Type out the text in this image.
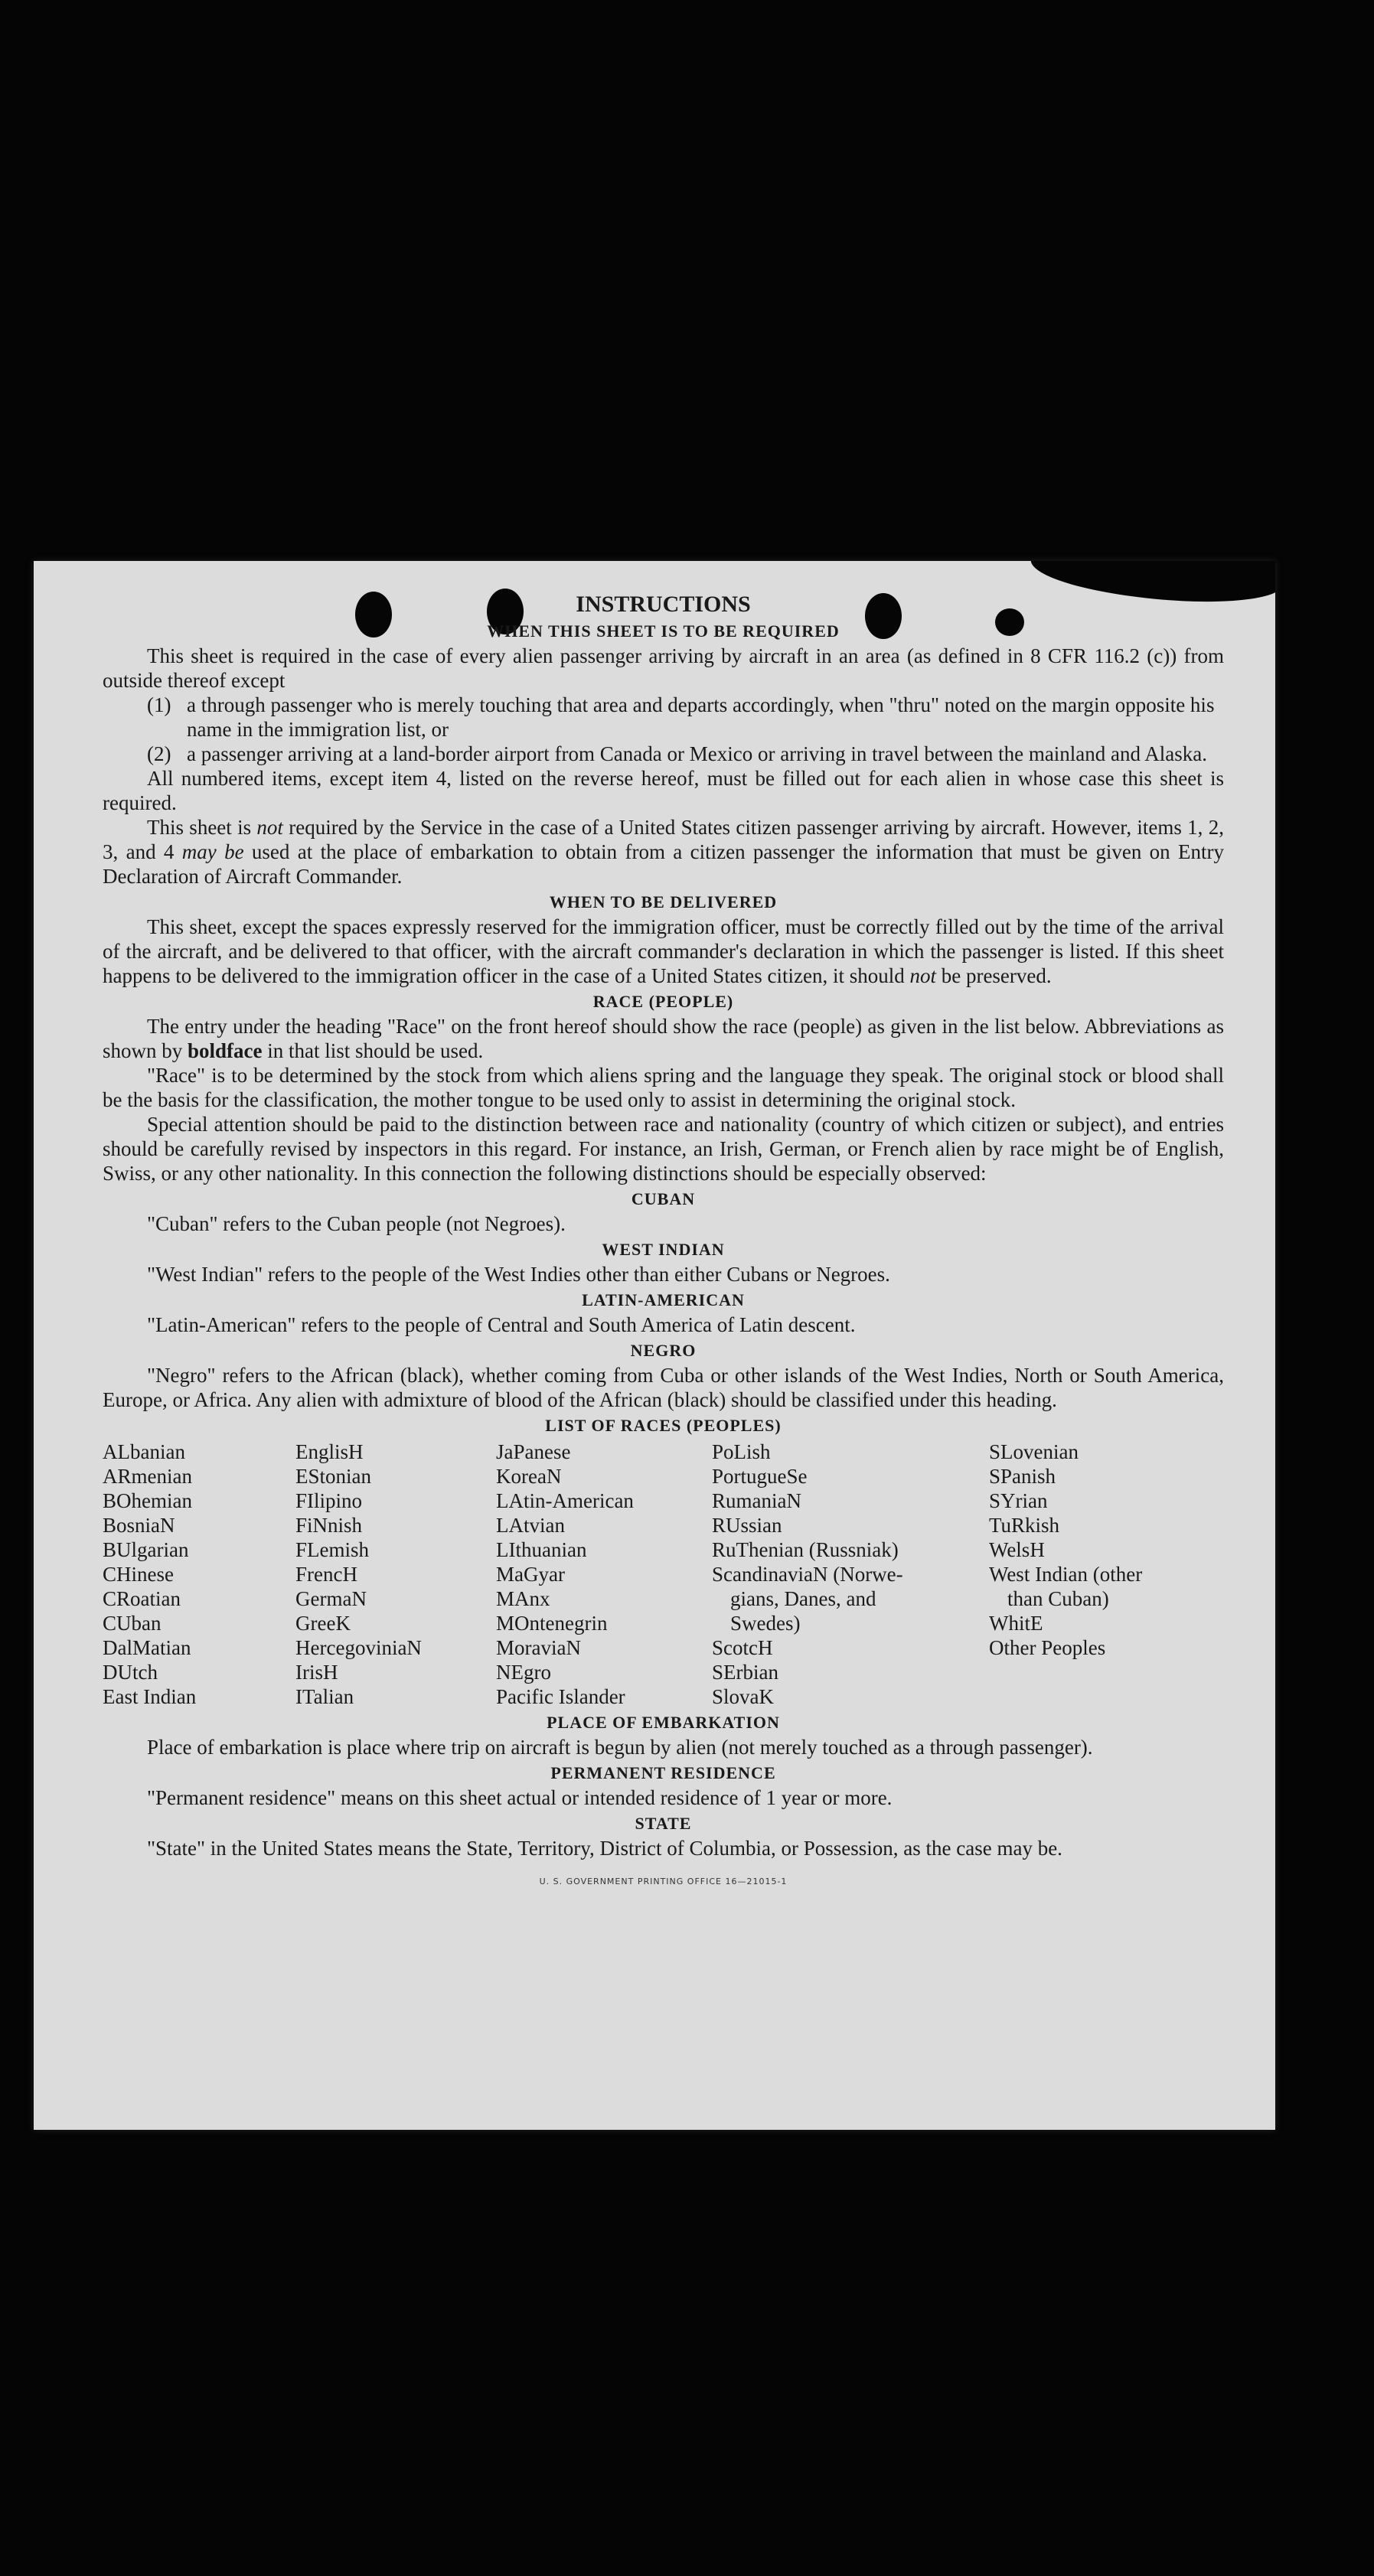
INSTRUCTIONS
WHEN THIS SHEET IS TO BE REQUIRED

This sheet is required in the case of every alien passenger arriving by aircraft in an area (as defined in 8 CFR 116.2 (c)) from outside thereof except

(1) a through passenger who is merely touching that area and departs accordingly, when "thru" noted on the margin opposite his name in the immigration list, or
(2) a passenger arriving at a land-border airport from Canada or Mexico or arriving in travel between the mainland and Alaska.

All numbered items, except item 4, listed on the reverse hereof, must be filled out for each alien in whose case this sheet is required.

This sheet is not required by the Service in the case of a United States citizen passenger arriving by aircraft. However, items 1, 2, 3, and 4 may be used at the place of embarkation to obtain from a citizen passenger the information that must be given on Entry Declaration of Aircraft Commander.

WHEN TO BE DELIVERED

This sheet, except the spaces expressly reserved for the immigration officer, must be correctly filled out by the time of the arrival of the aircraft, and be delivered to that officer, with the aircraft commander's declaration in which the passenger is listed. If this sheet happens to be delivered to the immigration officer in the case of a United States citizen, it should not be preserved.

RACE (PEOPLE)

The entry under the heading "Race" on the front hereof should show the race (people) as given in the list below. Abbreviations as shown by boldface in that list should be used.

"Race" is to be determined by the stock from which aliens spring and the language they speak. The original stock or blood shall be the basis for the classification, the mother tongue to be used only to assist in determining the original stock.

Special attention should be paid to the distinction between race and nationality (country of which citizen or subject), and entries should be carefully revised by inspectors in this regard. For instance, an Irish, German, or French alien by race might be of English, Swiss, or any other nationality. In this connection the following distinctions should be especially observed:

CUBAN

"Cuban" refers to the Cuban people (not Negroes).

WEST INDIAN

"West Indian" refers to the people of the West Indies other than either Cubans or Negroes.

LATIN-AMERICAN

"Latin-American" refers to the people of Central and South America of Latin descent.

NEGRO

"Negro" refers to the African (black), whether coming from Cuba or other islands of the West Indies, North or South America, Europe, or Africa. Any alien with admixture of blood of the African (black) should be classified under this heading.

LIST OF RACES (PEOPLES)
ALbanian
ARmenian
BOhemian
BosniaN
BUlgarian
CHinese
CRoatian
CUban
DalMatian
DUtch
East Indian
EnglisH
EStonian
FIlipino
FiNnish
FLemish
FrencH
GermaN
GreeK
HercegoviniaN
IrisH
ITalian
JaPanese
KoreaN
LAtin-American
LAtvian
LIthuanian
MaGyar
MAnx
MOntenegrin
MoraviaN
NEgro
Pacific Islander
PoLish
PortugueSe
RumaniaN
RUssian
RuThenian (Russniak)
ScandinaviaN (Norwe-
gians, Danes, and
Swedes)
ScotcH
SErbian
SlovaK
SLovenian
SPanish
SYrian
TuRkish
WelsH
West Indian (other
than Cuban)
WhitE
Other Peoples
PLACE OF EMBARKATION

Place of embarkation is place where trip on aircraft is begun by alien (not merely touched as a through passenger).

PERMANENT RESIDENCE

"Permanent residence" means on this sheet actual or intended residence of 1 year or more.

STATE

"State" in the United States means the State, Territory, District of Columbia, or Possession, as the case may be.

U. S. GOVERNMENT PRINTING OFFICE 16—21015-1
